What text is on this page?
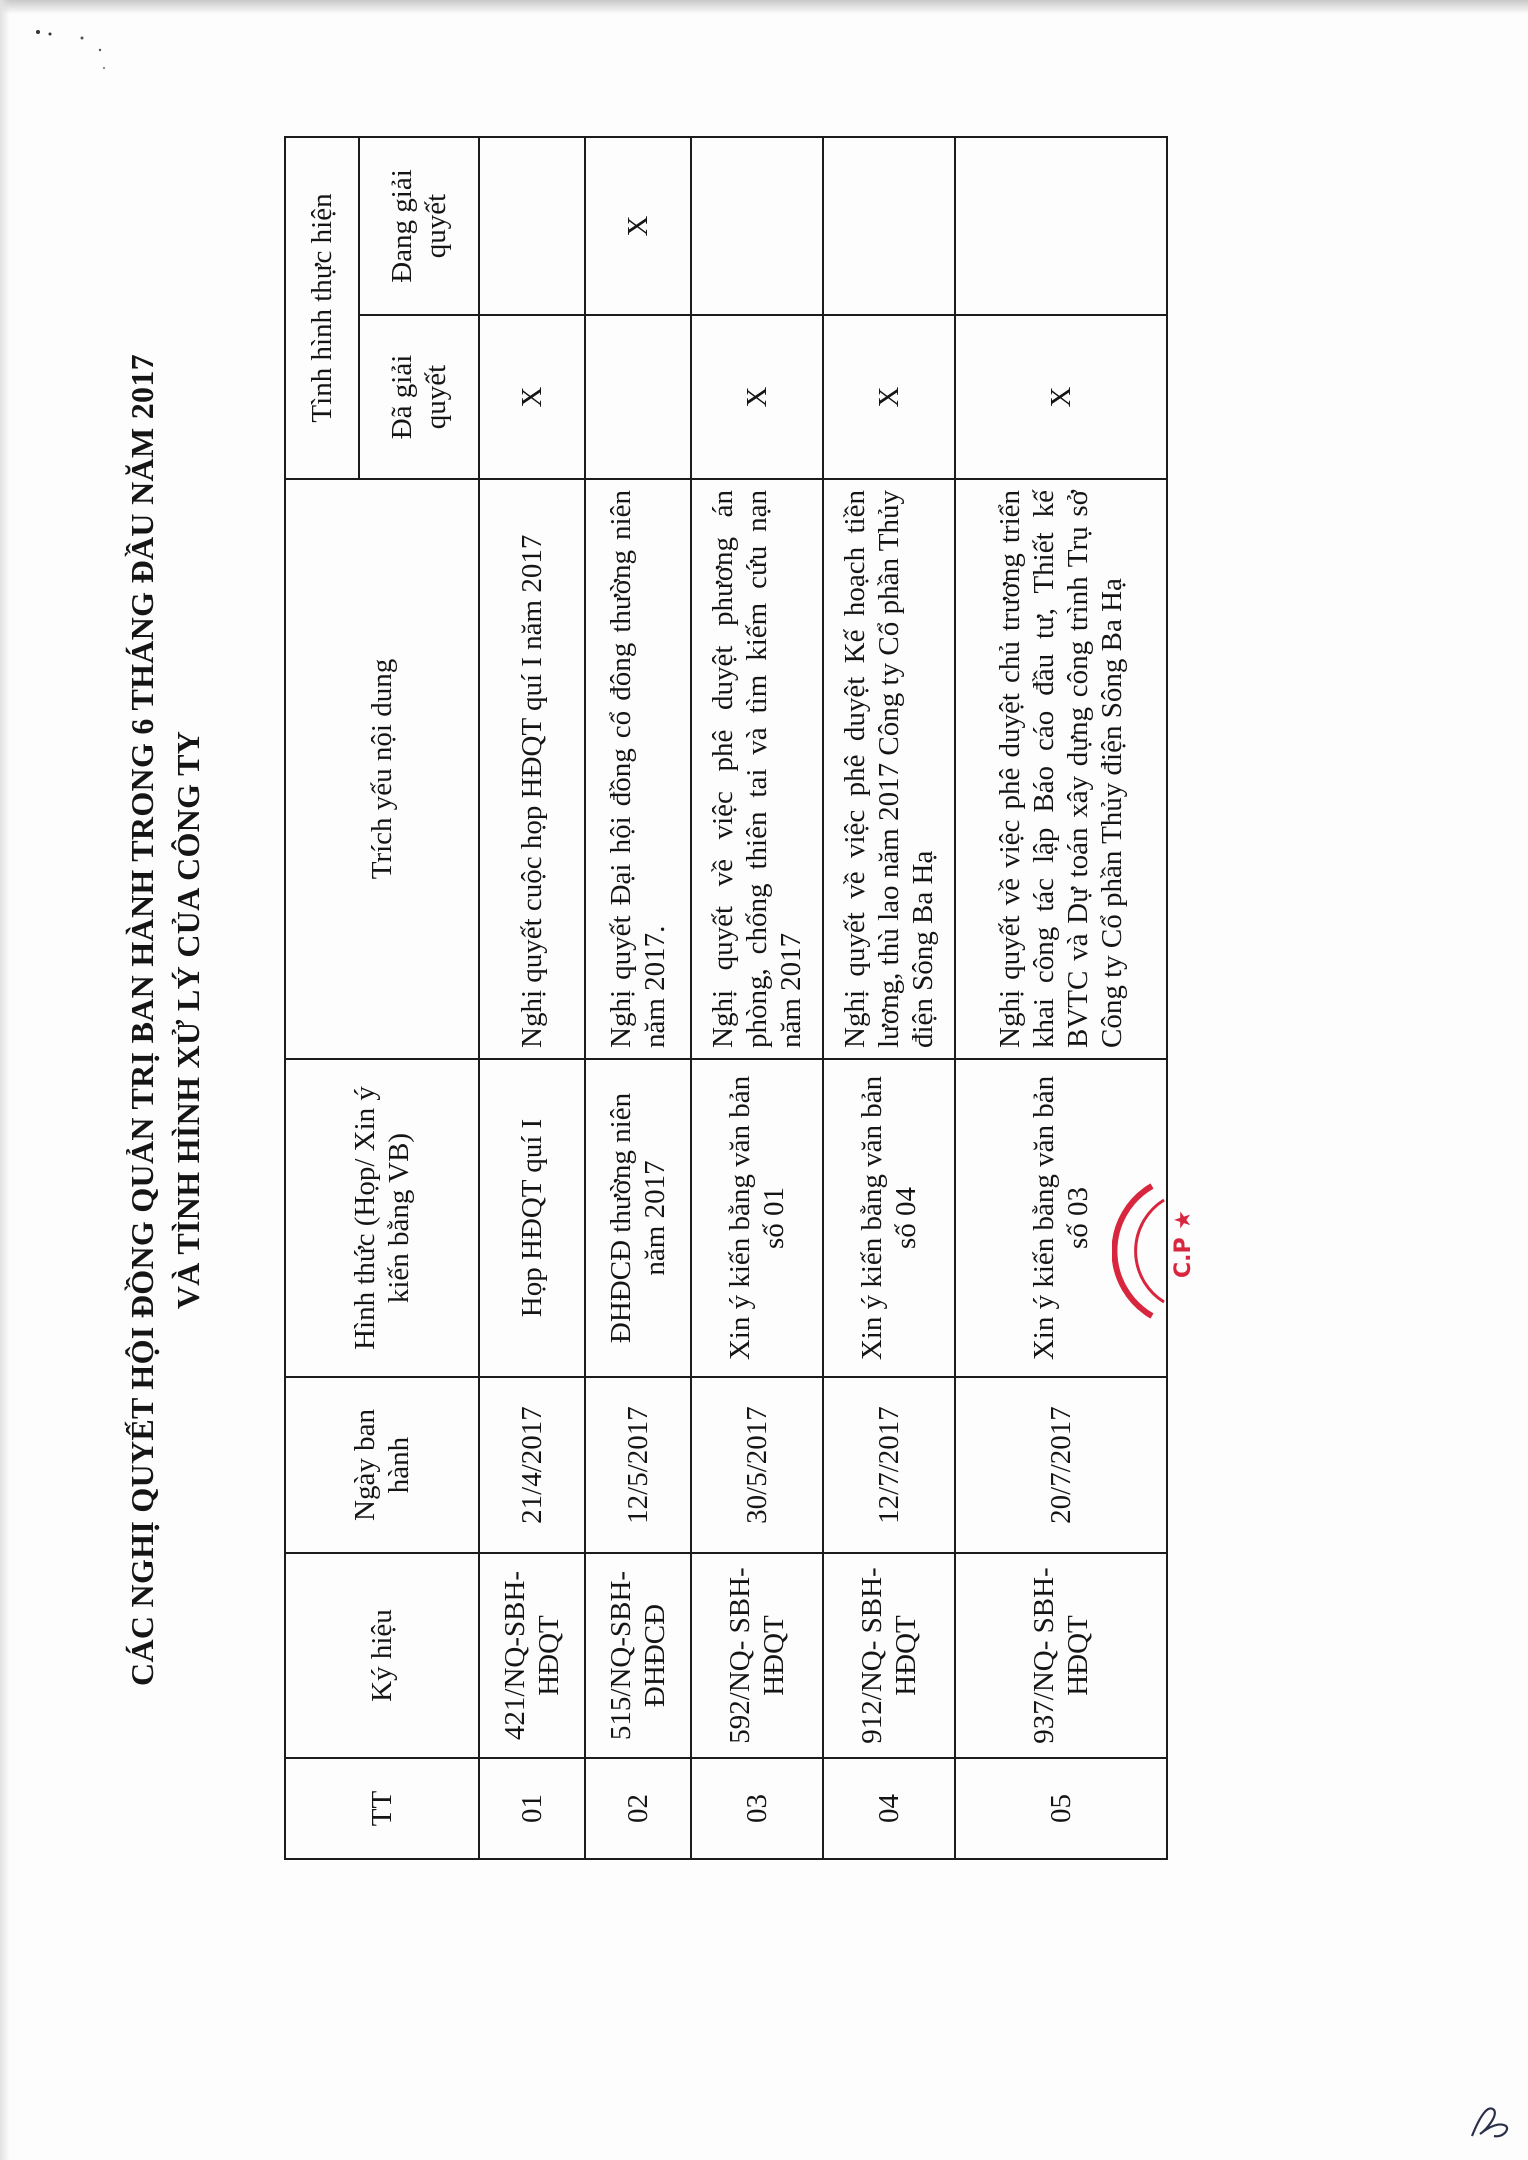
CÁC NGHỊ QUYẾT HỘI ĐỒNG QUẢN TRỊ BAN HÀNH TRONG 6 THÁNG ĐẦU NĂM 2017 VÀ TÌNH HÌNH XỬ LÝ CỦA CÔNG TY
TT	Ký hiệu	Ngày ban hành	Hình thức (Họp/ Xin ý kiến bằng VB)	Trích yếu nội dung	Tình hình thực hiện	
					Đã giải quyết	Đang giải quyết
01	421/NQ-SBH-HĐQT	21/4/2017	Họp HĐQT quí I	Nghị quyết cuộc họp HĐQT quí I năm 2017	X	
02	515/NQ-SBH-ĐHĐCĐ	12/5/2017	ĐHĐCĐ thường niên năm 2017	Nghị quyết Đại hội đồng cổ đông thường niên năm 2017.		X
03	592/NQ- SBH-HĐQT	30/5/2017	Xin ý kiến bằng văn bản số 01	Nghị quyết về việc phê duyệt phương án phòng, chống thiên tai và tìm kiếm cứu nạn năm 2017	X	
04	912/NQ- SBH-HĐQT	12/7/2017	Xin ý kiến bằng văn bản số 04	Nghị quyết về việc phê duyệt Kế hoạch tiền lương, thù lao năm 2017 Công ty Cổ phần Thủy điện Sông Ba Hạ	X	
05	937/NQ- SBH-HĐQT	20/7/2017	Xin ý kiến bằng văn bản số 03	Nghị quyết về việc phê duyệt chủ trương triển khai công tác lập Báo cáo đầu tư, Thiết kế BVTC và Dự toán xây dựng công trình Trụ sở Công ty Cổ phần Thủy điện Sông Ba Hạ	X	
C.P ★
